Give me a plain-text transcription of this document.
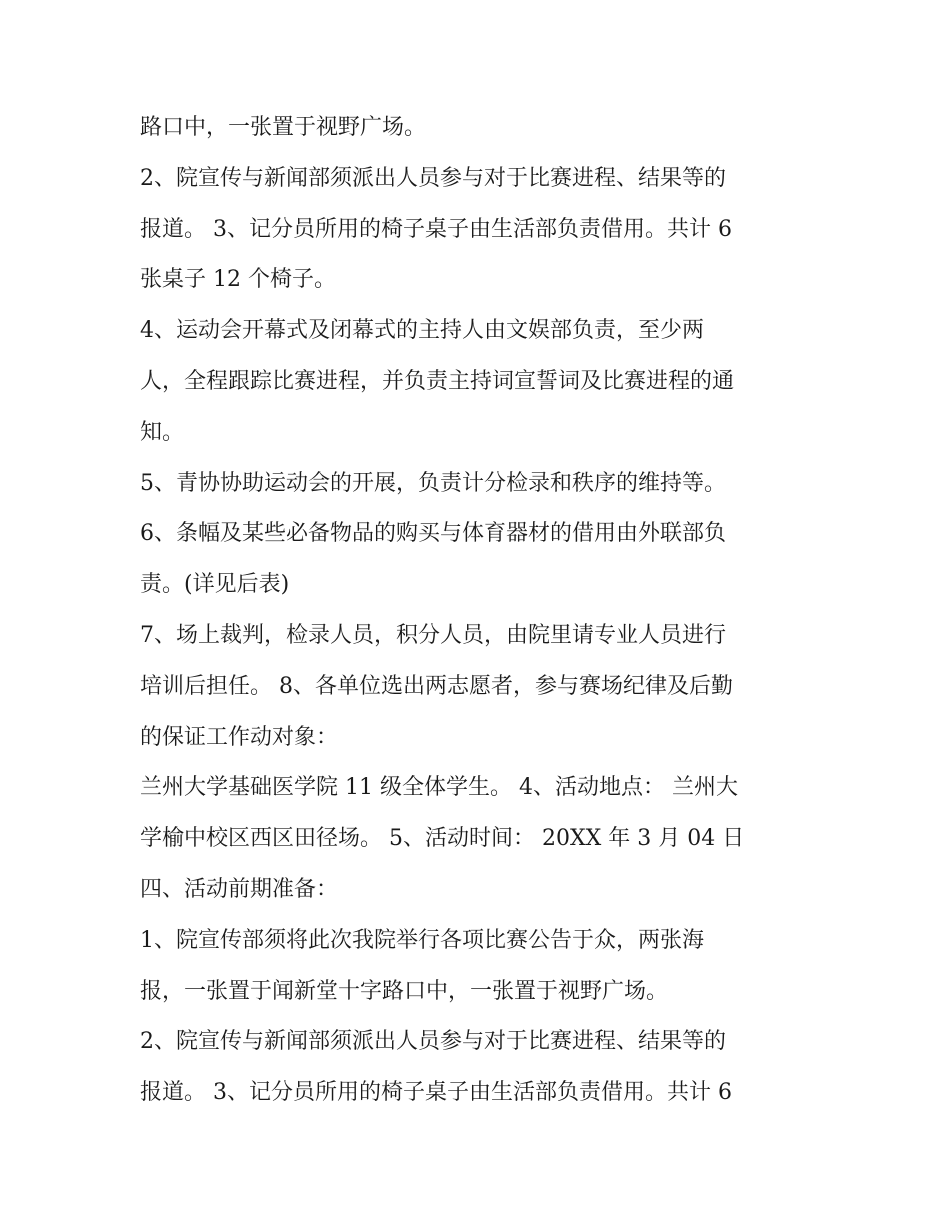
路口中，一张置于视野广场。
2、院宣传与新闻部须派出人员参与对于比赛进程、结果等的
报道。 3、记分员所用的椅子桌子由生活部负责借用。共计 6
张桌子 12 个椅子。
4、运动会开幕式及闭幕式的主持人由文娱部负责，至少两
人，全程跟踪比赛进程，并负责主持词宣誓词及比赛进程的通
知。
5、青协协助运动会的开展，负责计分检录和秩序的维持等。
6、条幅及某些必备物品的购买与体育器材的借用由外联部负
责。(详见后表)
7、场上裁判，检录人员，积分人员，由院里请专业人员进行
培训后担任。 8、各单位选出两志愿者，参与赛场纪律及后勤
的保证工作动对象：
兰州大学基础医学院 11 级全体学生。 4、活动地点： 兰州大
学榆中校区西区田径场。 5、活动时间： 20XX 年 3 月 04 日
四、活动前期准备：
1、院宣传部须将此次我院举行各项比赛公告于众，两张海
报，一张置于闻新堂十字路口中，一张置于视野广场。
2、院宣传与新闻部须派出人员参与对于比赛进程、结果等的
报道。 3、记分员所用的椅子桌子由生活部负责借用。共计 6
